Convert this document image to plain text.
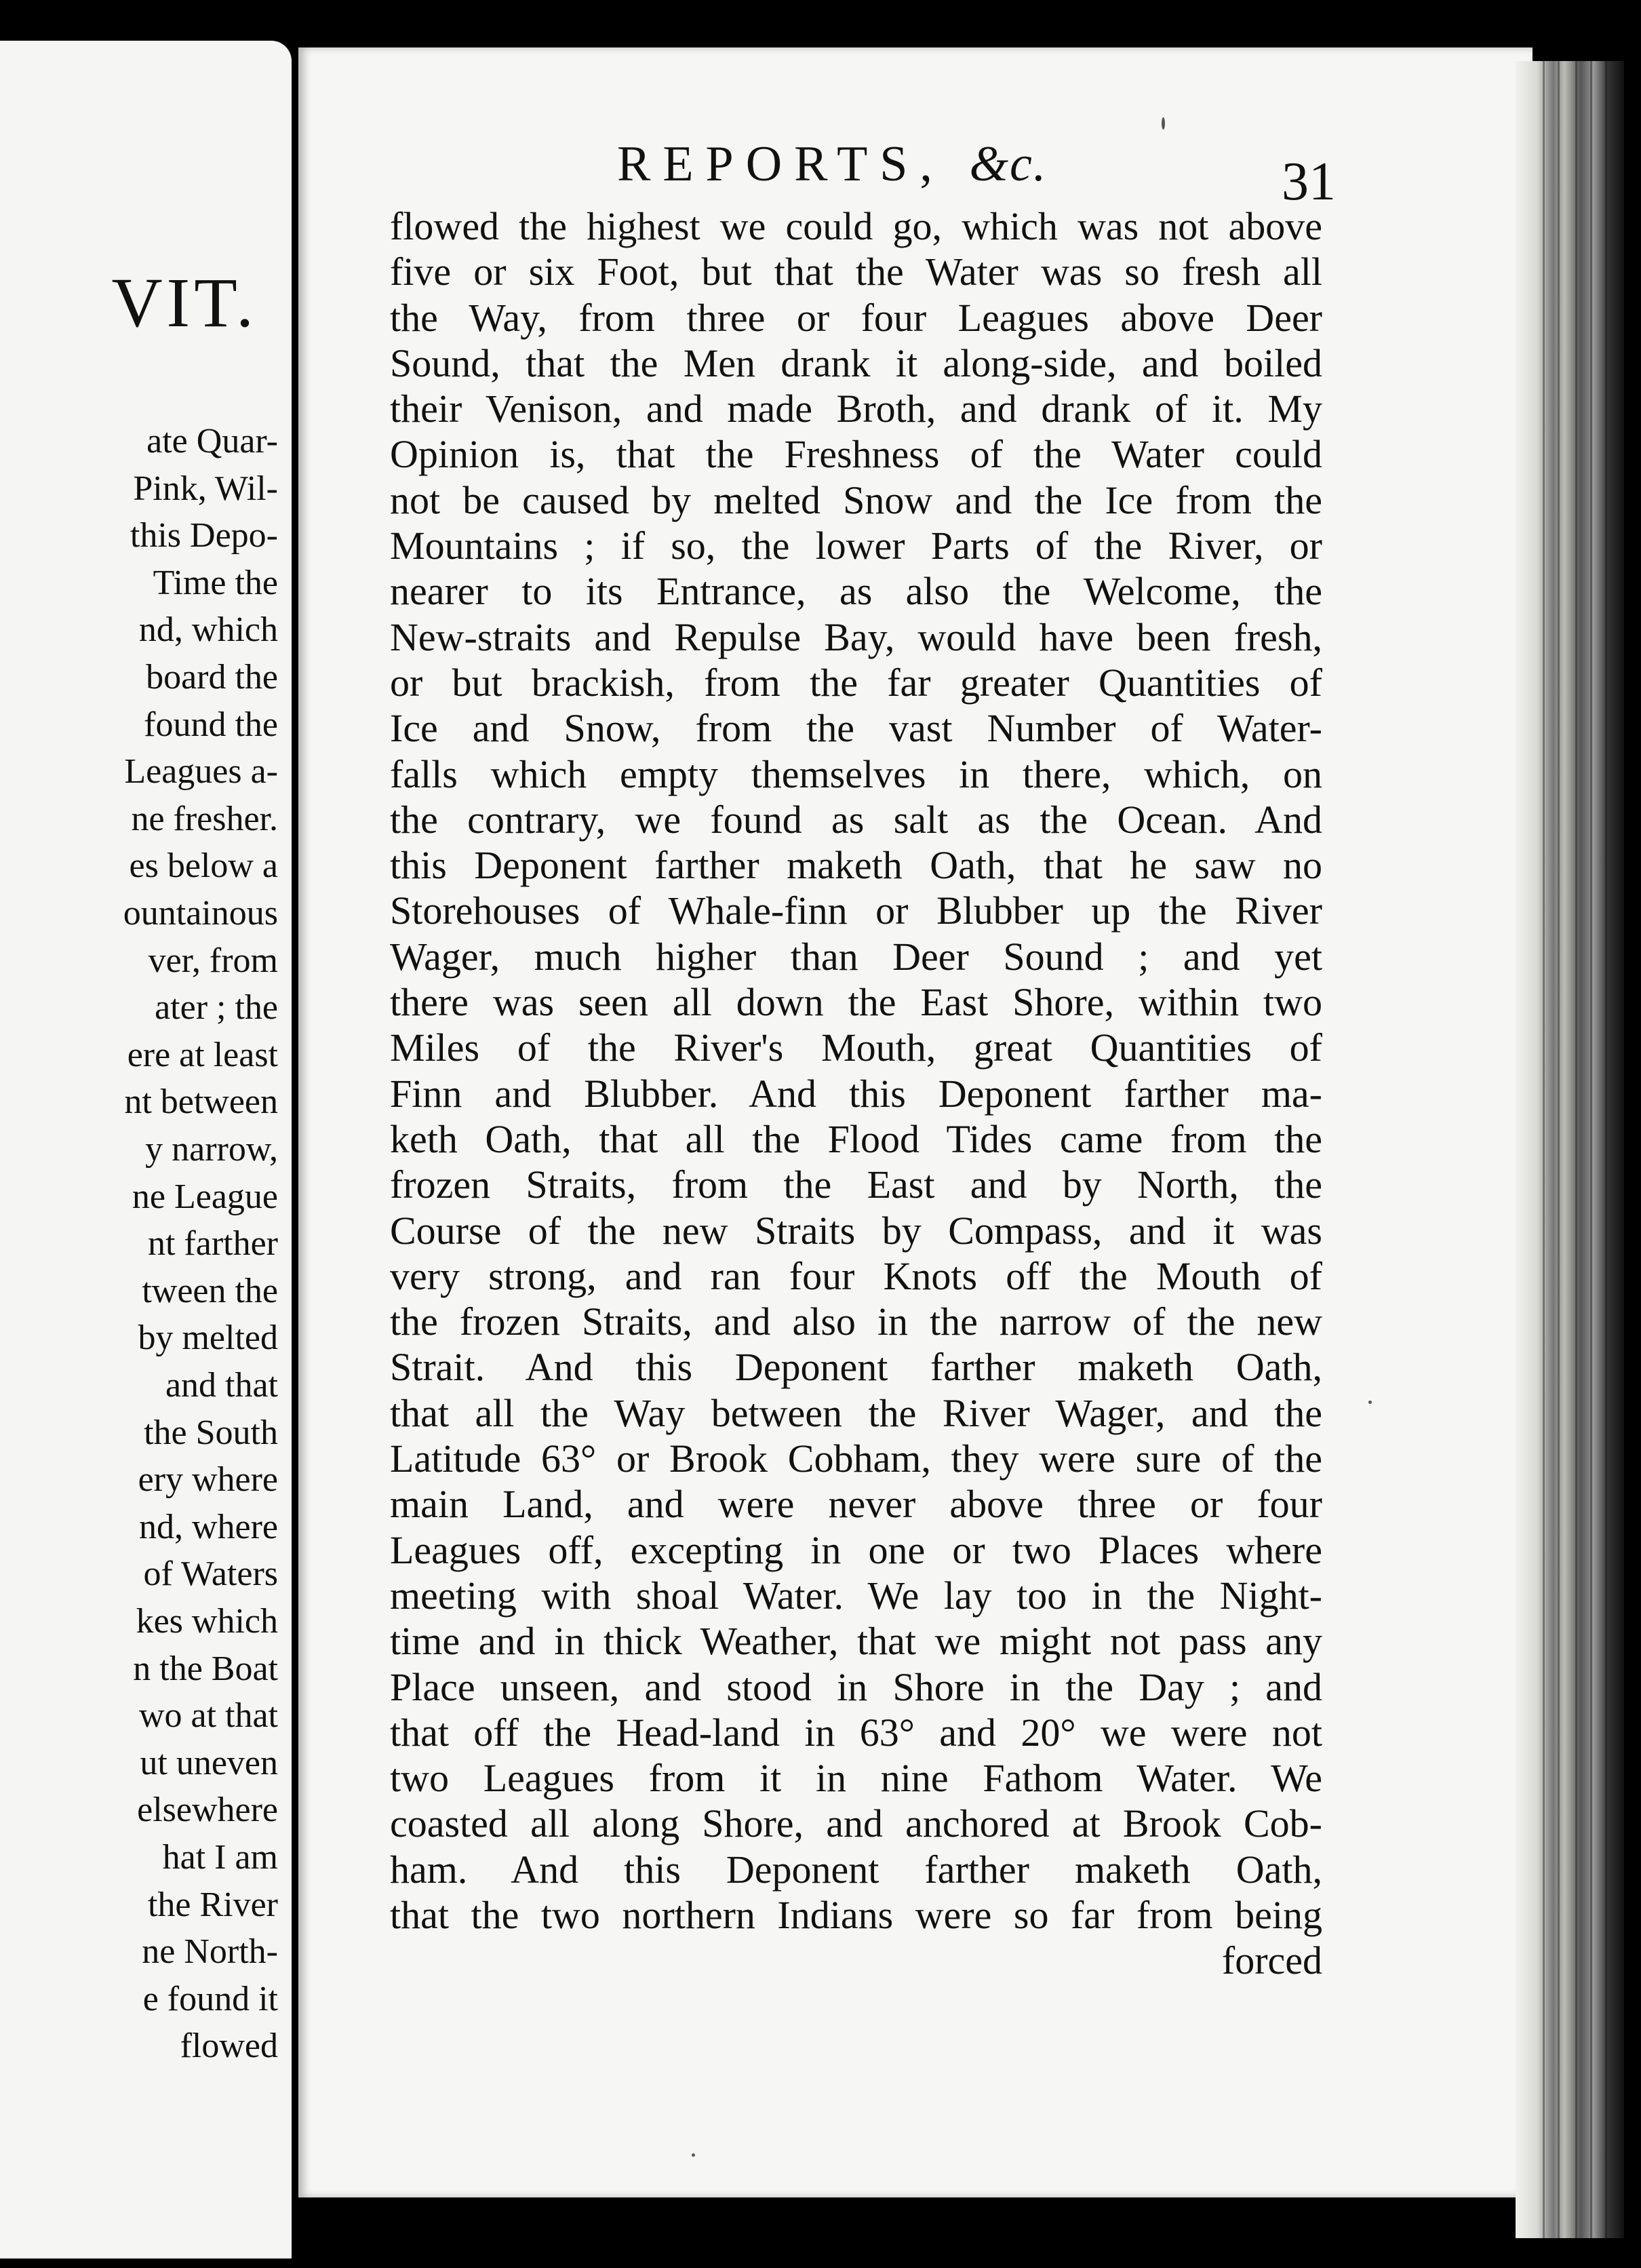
VIT.
ate Quar-
Pink, Wil-
this Depo-
Time the
nd, which
board the
found the
Leagues a-
ne fresher.
es below a
ountainous
ver, from
ater ; the
ere at least
nt between
y narrow,
ne League
nt farther
tween the
by melted
and that
the South
ery where
nd, where
of Waters
kes which
n the Boat
wo at that
ut uneven
elsewhere
hat I am
the River
ne North-
e found it
flowed
REPORTS, &c.	31
flowed the highest we could go, which was not above
five or six Foot, but that the Water was so fresh all
the Way, from three or four Leagues above Deer
Sound, that the Men drank it along-side, and boiled
their Venison, and made Broth, and drank of it. My
Opinion is, that the Freshness of the Water could
not be caused by melted Snow and the Ice from the
Mountains ; if so, the lower Parts of the River, or
nearer to its Entrance, as also the Welcome, the
New-straits and Repulse Bay, would have been fresh,
or but brackish, from the far greater Quantities of
Ice and Snow, from the vast Number of Water-
falls which empty themselves in there, which, on
the contrary, we found as salt as the Ocean. And
this Deponent farther maketh Oath, that he saw no
Storehouses of Whale-finn or Blubber up the River
Wager, much higher than Deer Sound ; and yet
there was seen all down the East Shore, within two
Miles of the River's Mouth, great Quantities of
Finn and Blubber. And this Deponent farther ma-
keth Oath, that all the Flood Tides came from the
frozen Straits, from the East and by North, the
Course of the new Straits by Compass, and it was
very strong, and ran four Knots off the Mouth of
the frozen Straits, and also in the narrow of the new
Strait. And this Deponent farther maketh Oath,
that all the Way between the River Wager, and the
Latitude 63° or Brook Cobham, they were sure of the
main Land, and were never above three or four
Leagues off, excepting in one or two Places where
meeting with shoal Water. We lay too in the Night-
time and in thick Weather, that we might not pass any
Place unseen, and stood in Shore in the Day ; and
that off the Head-land in 63° and 20° we were not
two Leagues from it in nine Fathom Water. We
coasted all along Shore, and anchored at Brook Cob-
ham. And this Deponent farther maketh Oath,
that the two northern Indians were so far from being
forced
